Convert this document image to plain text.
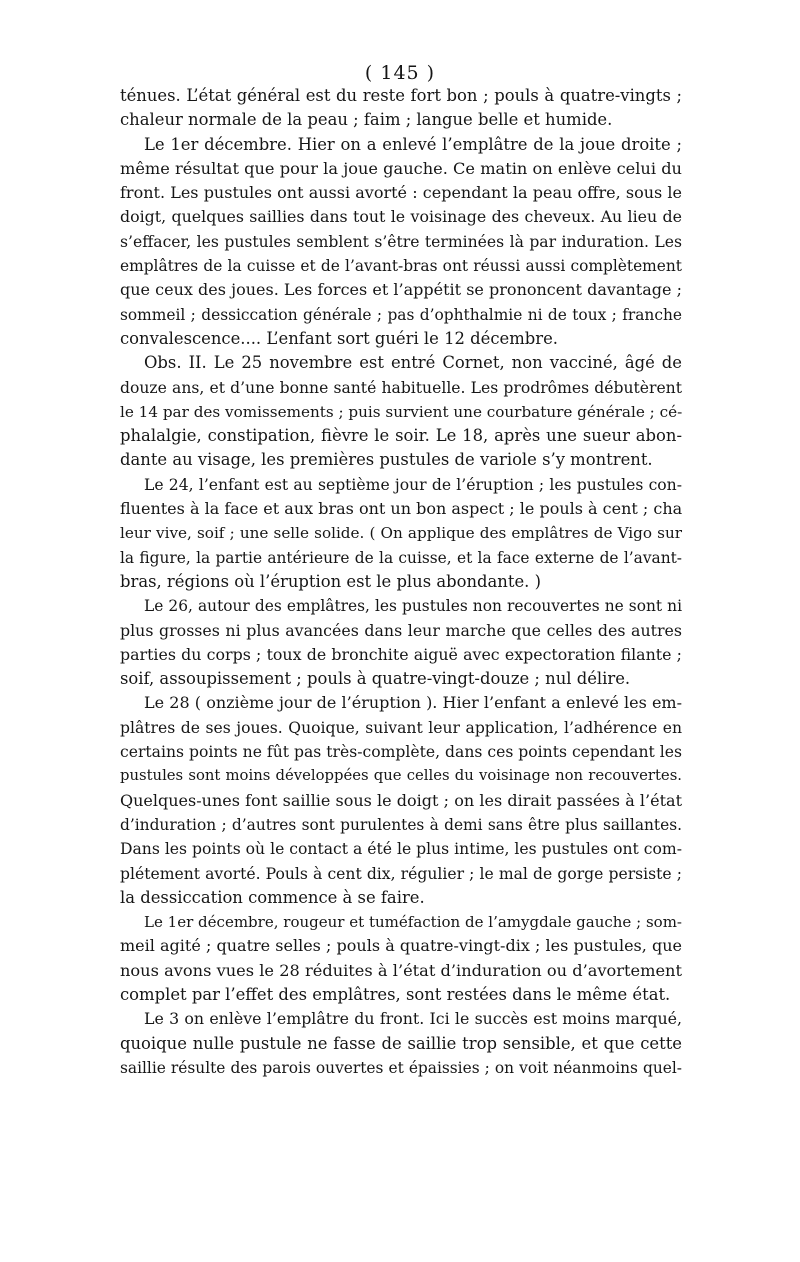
( 145 )
ténues. L’état général est du reste fort bon ; pouls à quatre-vingts ;
chaleur normale de la peau ; faim ; langue belle et humide.
Le 1er décembre. Hier on a enlevé l’emplâtre de la joue droite ;
même résultat que pour la joue gauche. Ce matin on enlève celui du
front. Les pustules ont aussi avorté : cependant la peau offre, sous le
doigt, quelques saillies dans tout le voisinage des cheveux. Au lieu de
s’effacer, les pustules semblent s’être terminées là par induration. Les
emplâtres de la cuisse et de l’avant-bras ont réussi aussi complètement
que ceux des joues. Les forces et l’appétit se prononcent davantage ;
sommeil ; dessiccation générale ; pas d’ophthalmie ni de toux ; franche
convalescence.... L’enfant sort guéri le 12 décembre.
Obs. II. Le 25 novembre est entré Cornet, non vacciné, âgé de
douze ans, et d’une bonne santé habituelle. Les prodrômes débutèrent
le 14 par des vomissements ; puis survient une courbature générale ; cé-
phalalgie, constipation, fièvre le soir. Le 18, après une sueur abon-
dante au visage, les premières pustules de variole s’y montrent.
Le 24, l’enfant est au septième jour de l’éruption ; les pustules con-
fluentes à la face et aux bras ont un bon aspect ; le pouls à cent ; cha
leur vive, soif ; une selle solide. ( On applique des emplâtres de Vigo sur
la figure, la partie antérieure de la cuisse, et la face externe de l’avant-
bras, régions où l’éruption est le plus abondante. )
Le 26, autour des emplâtres, les pustules non recouvertes ne sont ni
plus grosses ni plus avancées dans leur marche que celles des autres
parties du corps ; toux de bronchite aiguë avec expectoration filante ;
soif, assoupissement ; pouls à quatre-vingt-douze ; nul délire.
Le 28 ( onzième jour de l’éruption ). Hier l’enfant a enlevé les em-
plâtres de ses joues. Quoique, suivant leur application, l’adhérence en
certains points ne fût pas très-complète, dans ces points cependant les
pustules sont moins développées que celles du voisinage non recouvertes.
Quelques-unes font saillie sous le doigt ; on les dirait passées à l’état
d’induration ; d’autres sont purulentes à demi sans être plus saillantes.
Dans les points où le contact a été le plus intime, les pustules ont com-
plétement avorté. Pouls à cent dix, régulier ; le mal de gorge persiste ;
la dessiccation commence à se faire.
Le 1er décembre, rougeur et tuméfaction de l’amygdale gauche ; som-
meil agité ; quatre selles ; pouls à quatre-vingt-dix ; les pustules, que
nous avons vues le 28 réduites à l’état d’induration ou d’avortement
complet par l’effet des emplâtres, sont restées dans le même état.
Le 3 on enlève l’emplâtre du front. Ici le succès est moins marqué,
quoique nulle pustule ne fasse de saillie trop sensible, et que cette
saillie résulte des parois ouvertes et épaissies ; on voit néanmoins quel-
